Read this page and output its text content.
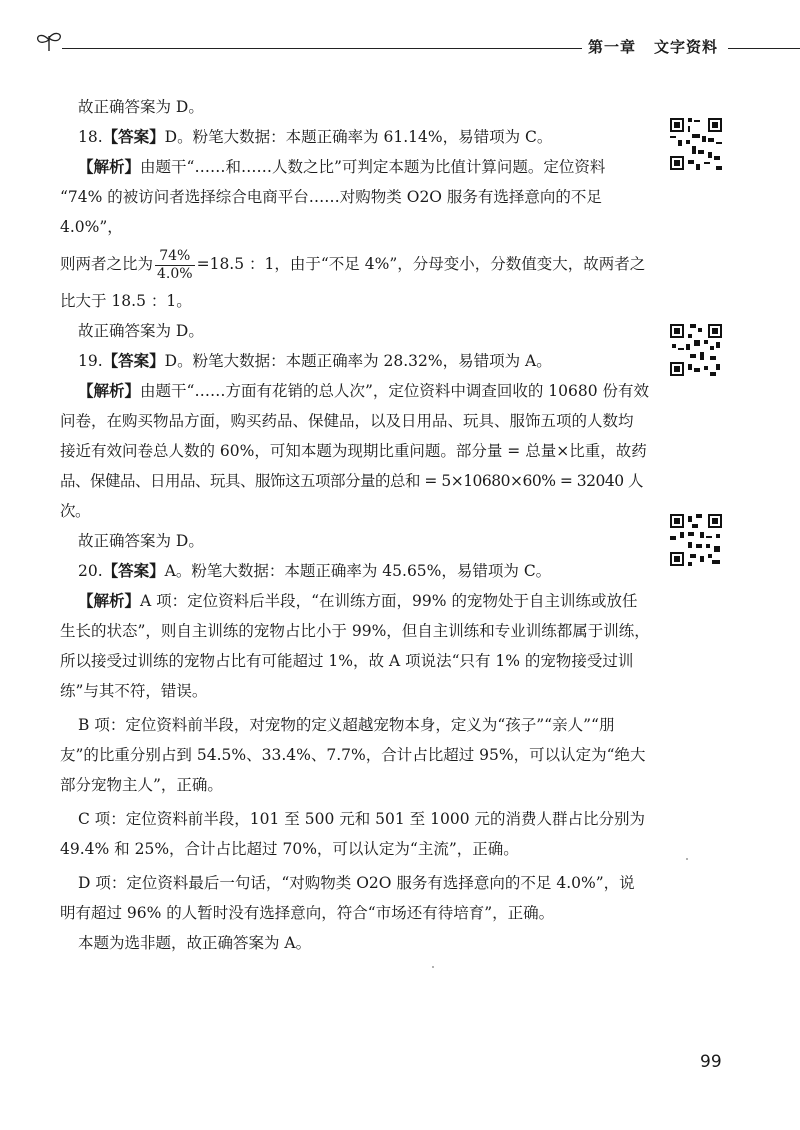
第一章 文字资料

故正确答案为 D。

18.【答案】D。粉笔大数据：本题正确率为 61.14%，易错项为 C。

【解析】由题干“……和……人数之比”可判定本题为比值计算问题。定位资料

“74% 的被访问者选择综合电商平台……对购物类 O2O 服务有选择意向的不足 4.0%”，

则两者之比为 $\frac{74\%}{4.0\%} =18.5$ ：1，由于“不足 4%”，分母变小，分数值变大，故两者之

比大于 18.5 ：1。

故正确答案为 D。

19.【答案】D。粉笔大数据：本题正确率为 28.32%，易错项为 A。

【解析】由题干“……方面有花销的总人次”，定位资料中调查回收的 10680 份有效

问卷，在购买物品方面，购买药品、保健品，以及日用品、玩具、服饰五项的人数均

接近有效问卷总人数的 60%，可知本题为现期比重问题。部分量 = 总量×比重，故药

品、保健品、日用品、玩具、服饰这五项部分量的总和 = 5×10680×60% = 32040 人次。

故正确答案为 D。

20.【答案】A。粉笔大数据：本题正确率为 45.65%，易错项为 C。

【解析】A 项：定位资料后半段，“在训练方面，99% 的宠物处于自主训练或放任

生长的状态”，则自主训练的宠物占比小于 99%，但自主训练和专业训练都属于训练，

所以接受过训练的宠物占比有可能超过 1%，故 A 项说法“只有 1% 的宠物接受过训

练”与其不符，错误。

B 项：定位资料前半段，对宠物的定义超越宠物本身，定义为“孩子”“亲人”“朋

友”的比重分别占到 54.5%、33.4%、7.7%，合计占比超过 95%，可以认定为“绝大

部分宠物主人”，正确。

C 项：定位资料前半段，101 至 500 元和 501 至 1000 元的消费人群占比分别为

49.4% 和 25%，合计占比超过 70%，可以认定为“主流”，正确。

D 项：定位资料最后一句话，“对购物类 O2O 服务有选择意向的不足 4.0%”，说

明有超过 96% 的人暂时没有选择意向，符合“市场还有待培育”，正确。

本题为选非题，故正确答案为 A。

99
